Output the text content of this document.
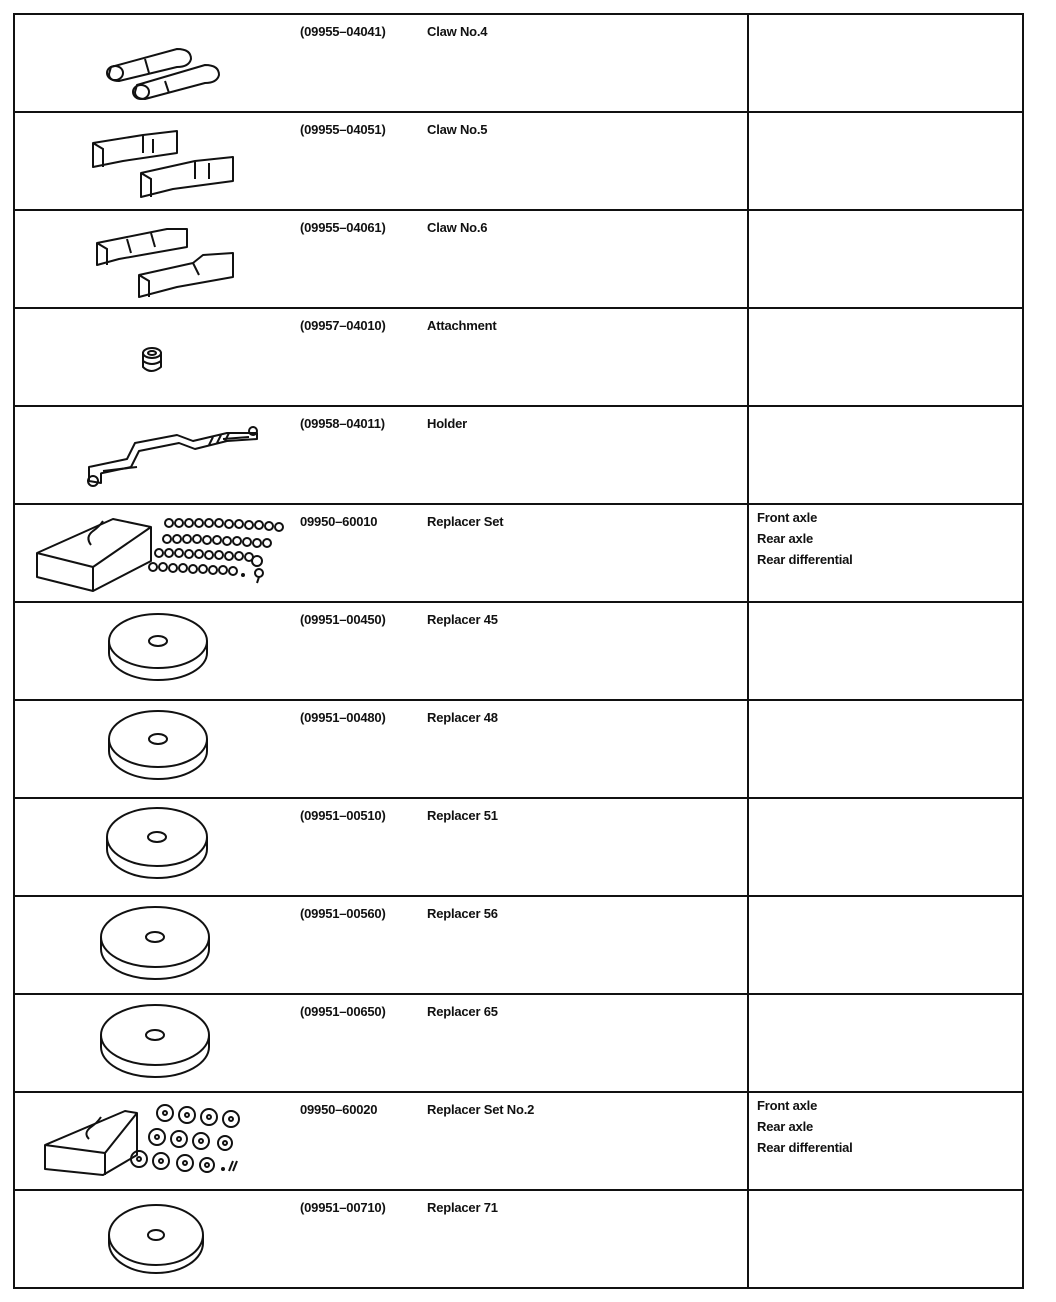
(09955–04041) Claw No.4	

(09955–04051) Claw No.5	

(09955–04061) Claw No.6	

(09957–04010) Attachment	

(09958–04011) Holder	

09950–60010 Replacer Set	Front axle
Rear axle
Rear differential

(09951–00450) Replacer 45	

(09951–00480) Replacer 48	

(09951–00510) Replacer 51	

(09951–00560) Replacer 56	

(09951–00650) Replacer 65	

09950–60020 Replacer Set No.2	Front axle
Rear axle
Rear differential

(09951–00710) Replacer 71	
